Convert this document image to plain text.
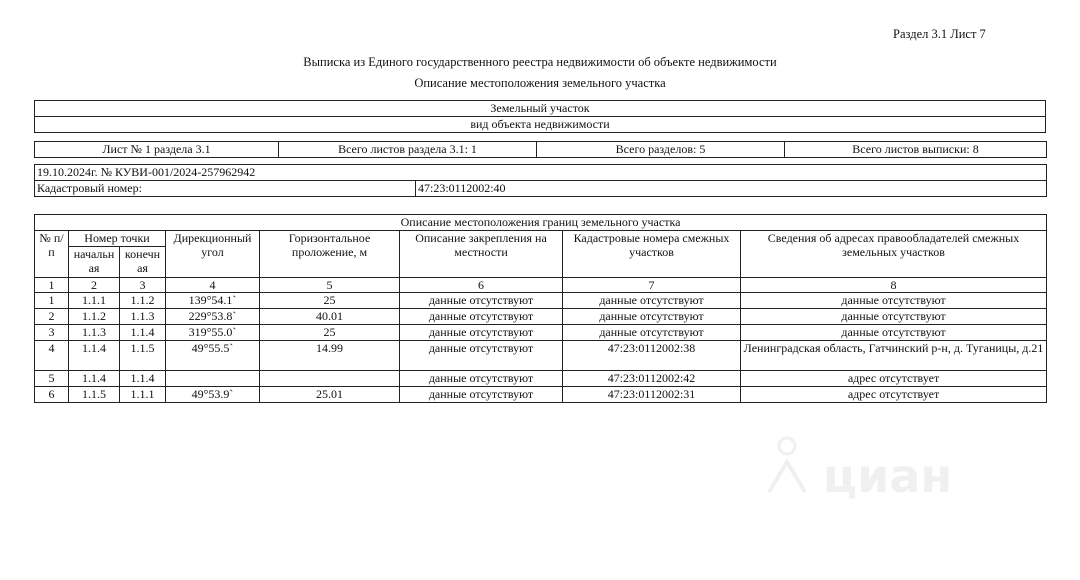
Раздел 3.1 Лист 7
Выписка из Единого государственного реестра недвижимости об объекте недвижимости
Описание местоположения земельного участка
Земельный участок
вид объекта недвижимости
Лист № 1 раздела 3.1	Всего листов раздела 3.1: 1	Всего разделов: 5	Всего листов выписки: 8
19.10.2024г. № КУВИ-001/2024-257962942
Кадастровый номер:	47:23:0112002:40
Описание местоположения границ земельного участка							
№ п/п	Номер точки		Дирекционный угол	Горизонтальное проложение, м	Описание закрепления на местности	Кадастровые номера смежных участков	Сведения об адресах правообладателей смежных земельных участков
	начальн ая	конечн ая					
1	2	3	4	5	6	7	8
1	1.1.1	1.1.2	139°54.1`	25	данные отсутствуют	данные отсутствуют	данные отсутствуют
2	1.1.2	1.1.3	229°53.8`	40.01	данные отсутствуют	данные отсутствуют	данные отсутствуют
3	1.1.3	1.1.4	319°55.0`	25	данные отсутствуют	данные отсутствуют	данные отсутствуют
4	1.1.4	1.1.5	49°55.5`	14.99	данные отсутствуют	47:23:0112002:38	Ленинградская область, Гатчинский р-н, д. Туганицы, д.21
5	1.1.4	1.1.4			данные отсутствуют	47:23:0112002:42	адрес отсутствует
6	1.1.5	1.1.1	49°53.9`	25.01	данные отсутствуют	47:23:0112002:31	адрес отсутствует
циан
